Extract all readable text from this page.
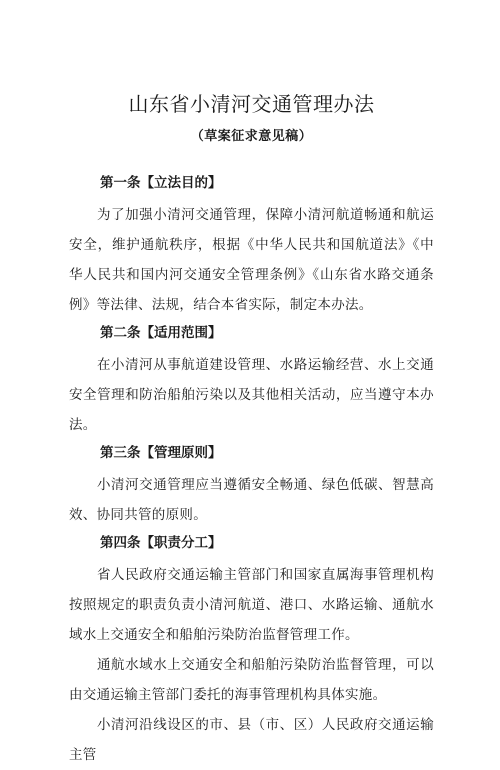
山东省小清河交通管理办法
（草案征求意见稿）
第一条【立法目的】

为了加强小清河交通管理，保障小清河航道畅通和航运安全，维护通航秩序，根据《中华人民共和国航道法》《中华人民共和国内河交通安全管理条例》《山东省水路交通条例》等法律、法规，结合本省实际，制定本办法。

第二条【适用范围】

在小清河从事航道建设管理、水路运输经营、水上交通安全管理和防治船舶污染以及其他相关活动，应当遵守本办法。

第三条【管理原则】

小清河交通管理应当遵循安全畅通、绿色低碳、智慧高效、协同共管的原则。

第四条【职责分工】

省人民政府交通运输主管部门和国家直属海事管理机构按照规定的职责负责小清河航道、港口、水路运输、通航水域水上交通安全和船舶污染防治监督管理工作。

通航水域水上交通安全和船舶污染防治监督管理，可以由交通运输主管部门委托的海事管理机构具体实施。

小清河沿线设区的市、县（市、区）人民政府交通运输主管
